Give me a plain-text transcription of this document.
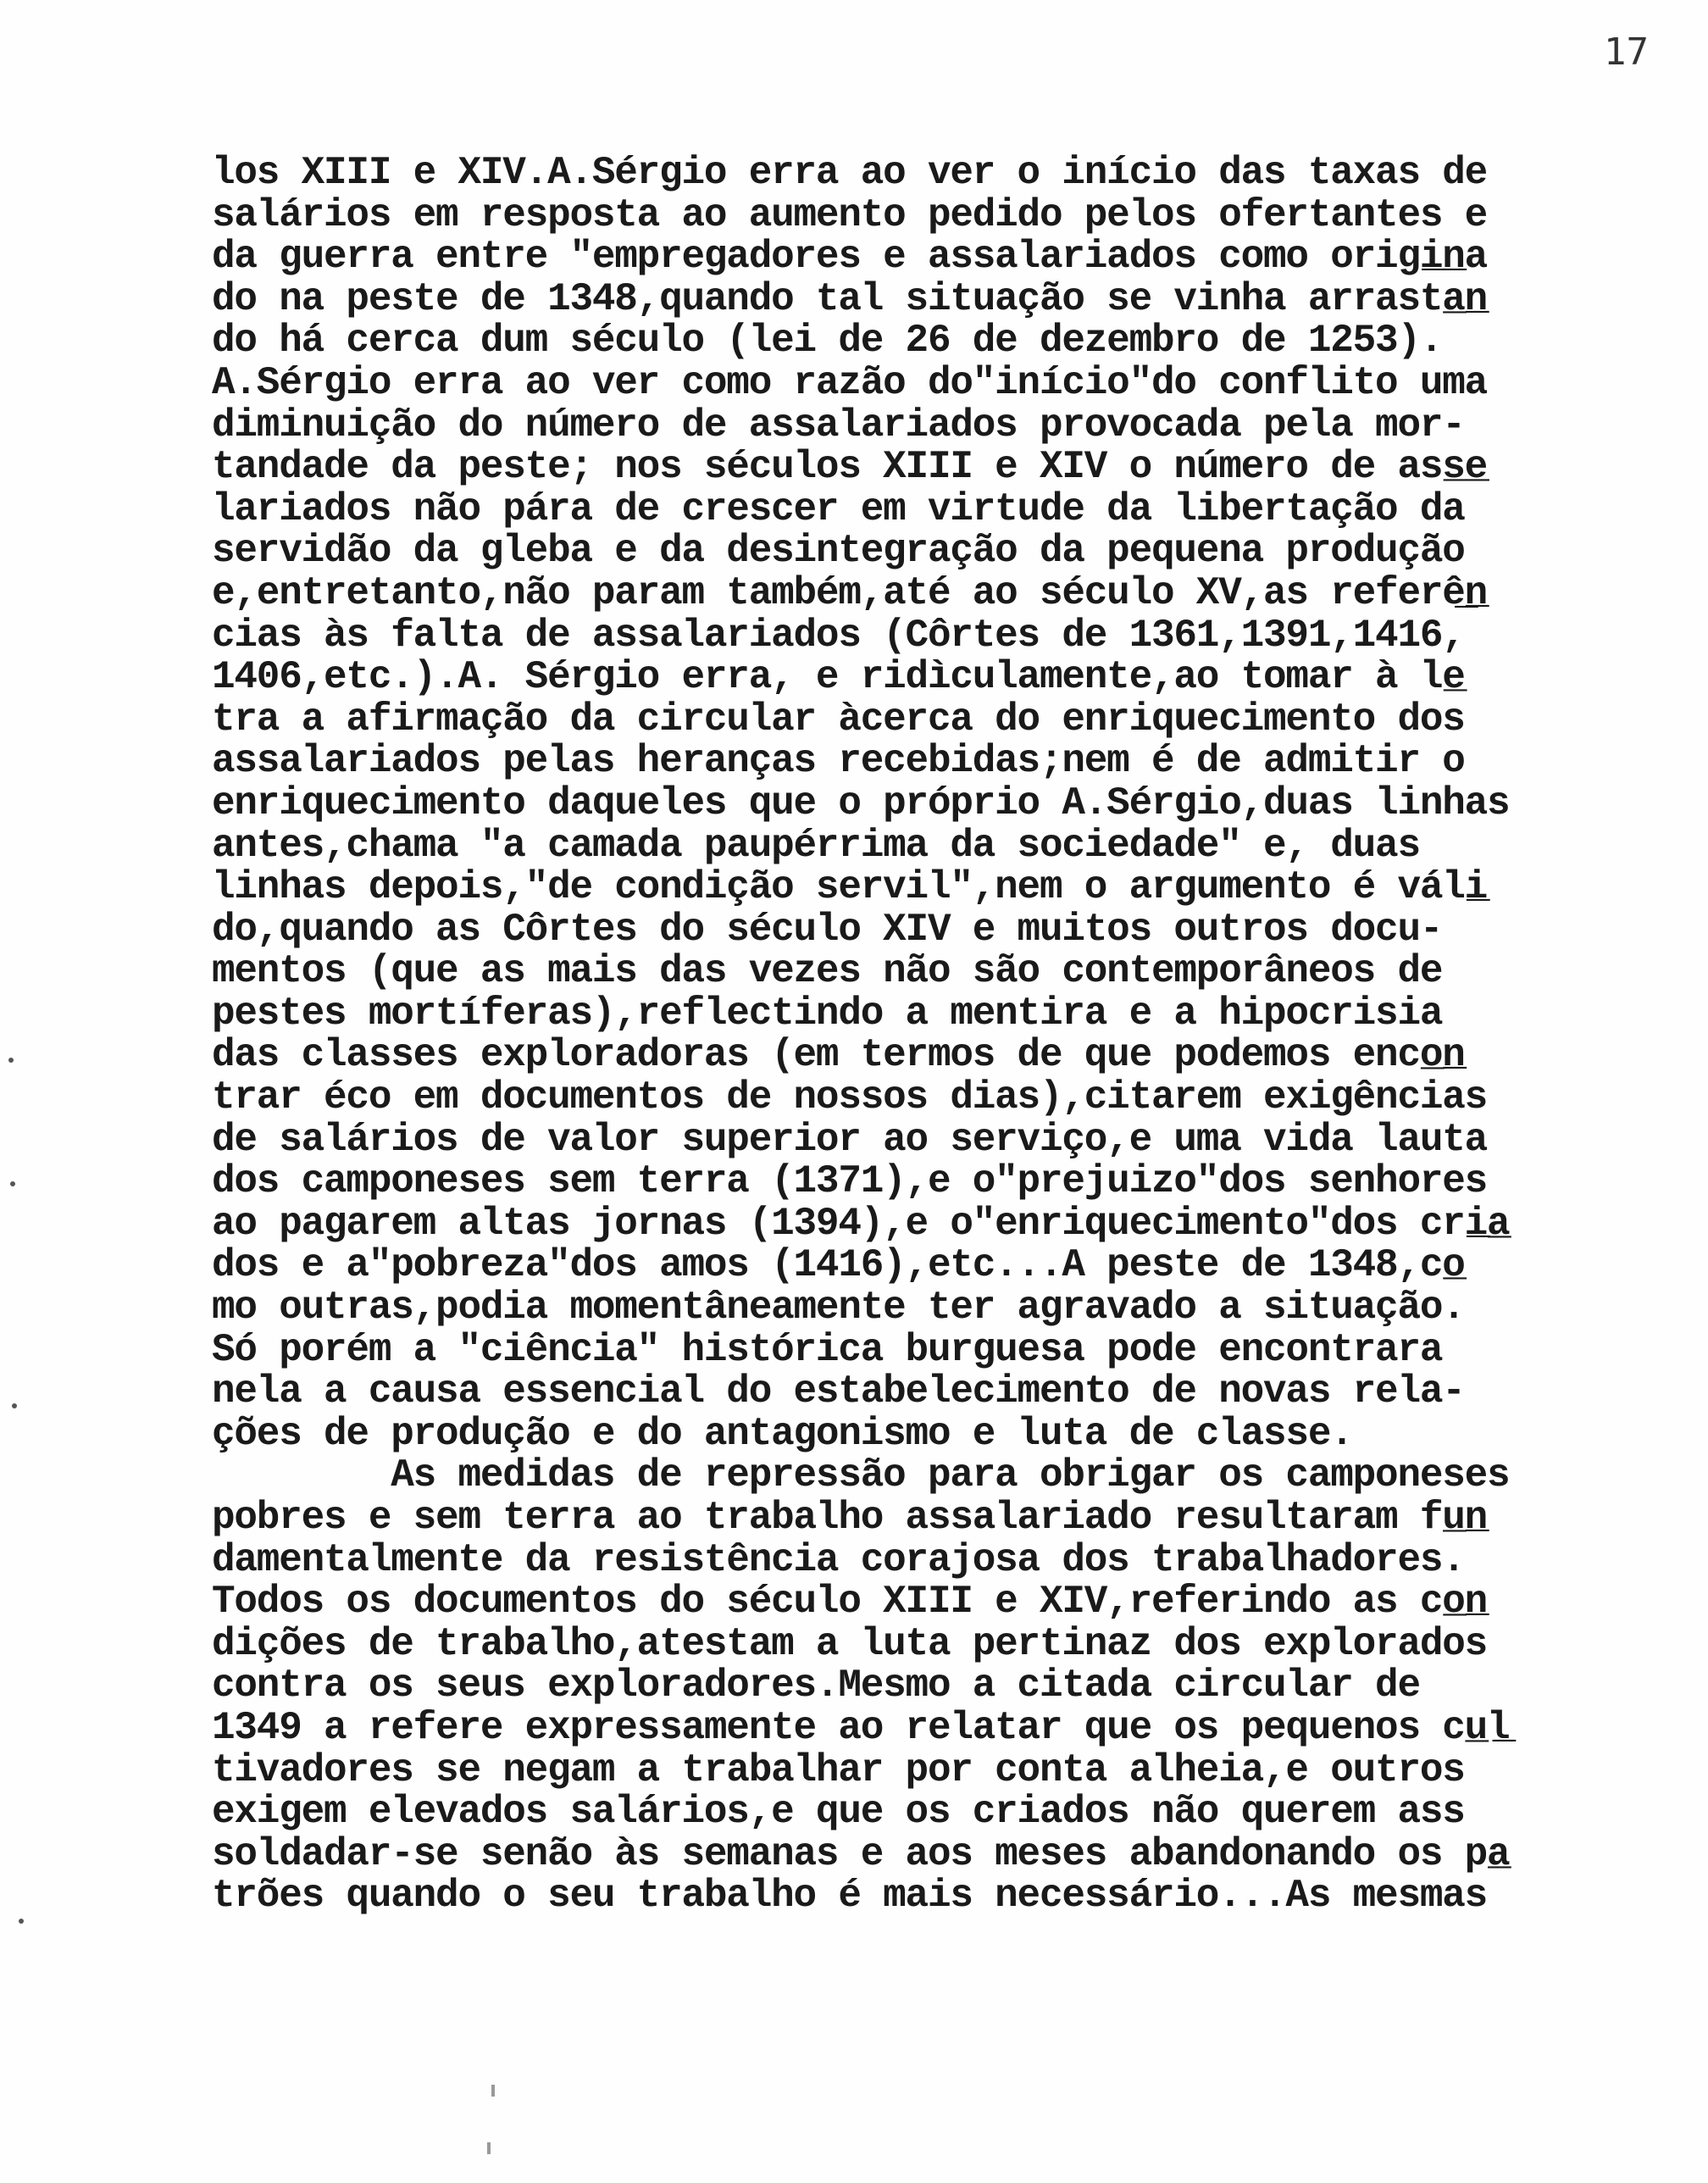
17
los XIII e XIV.A.Sérgio erra ao ver o início das taxas de
salários em resposta ao aumento pedido pelos ofertantes e
da guerra entre "empregadores e assalariados como origi̲n̲a
do na peste de 1348,quando tal situação se vinha arrasta̲n̲
do há cerca dum século (lei de 26 de dezembro de 1253).
A.Sérgio erra ao ver como razão do"início"do conflito uma
diminuição do número de assalariados provocada pela mor-
tandade da peste; nos séculos XIII e XIV o número de ass̲e̲
lariados não pára de crescer em virtude da libertação da
servidão da gleba e da desintegração da pequena produção
e,entretanto,não param também,até ao século XV,as referê̲n̲
cias às falta de assalariados (Côrtes de 1361,1391,1416,
1406,etc.).A. Sérgio erra, e ridìculamente,ao tomar à le̲
tra a afirmação da circular àcerca do enriquecimento dos
assalariados pelas heranças recebidas;nem é de admitir o
enriquecimento daqueles que o próprio A.Sérgio,duas linhas
antes,chama "a camada paupérrima da sociedade" e, duas
linhas depois,"de condição servil",nem o argumento é váli̲
do,quando as Côrtes do século XIV e muitos outros docu-
mentos (que as mais das vezes não são contemporâneos de
pestes mortíferas),reflectindo a mentira e a hipocrisia
das classes exploradoras (em termos de que podemos enco̲n̲
trar éco em documentos de nossos dias),citarem exigências
de salários de valor superior ao serviço,e uma vida lauta
dos camponeses sem terra (1371),e o"prejuizo"dos senhores
ao pagarem altas jornas (1394),e o"enriquecimento"dos cri̲a̲
dos e a"pobreza"dos amos (1416),etc...A peste de 1348,co̲
mo outras,podia momentâneamente ter agravado a situação.
Só porém a "ciência" histórica burguesa pode encontrara
nela a causa essencial do estabelecimento de novas rela-
ções de produção e do antagonismo e luta de classe.
As medidas de repressão para obrigar os camponeses
pobres e sem terra ao trabalho assalariado resultaram fu̲n̲
damentalmente da resistência corajosa dos trabalhadores.
Todos os documentos do século XIII e XIV,referindo as co̲n̲
dições de trabalho,atestam a luta pertinaz dos explorados
contra os seus exploradores.Mesmo a citada circular de
1349 a refere expressamente ao relatar que os pequenos cu̲l̲
tivadores se negam a trabalhar por conta alheia,e outros
exigem elevados salários,e que os criados não querem ass
soldadar-se senão às semanas e aos meses abandonando os pa̲
trões quando o seu trabalho é mais necessário...As mesmas
